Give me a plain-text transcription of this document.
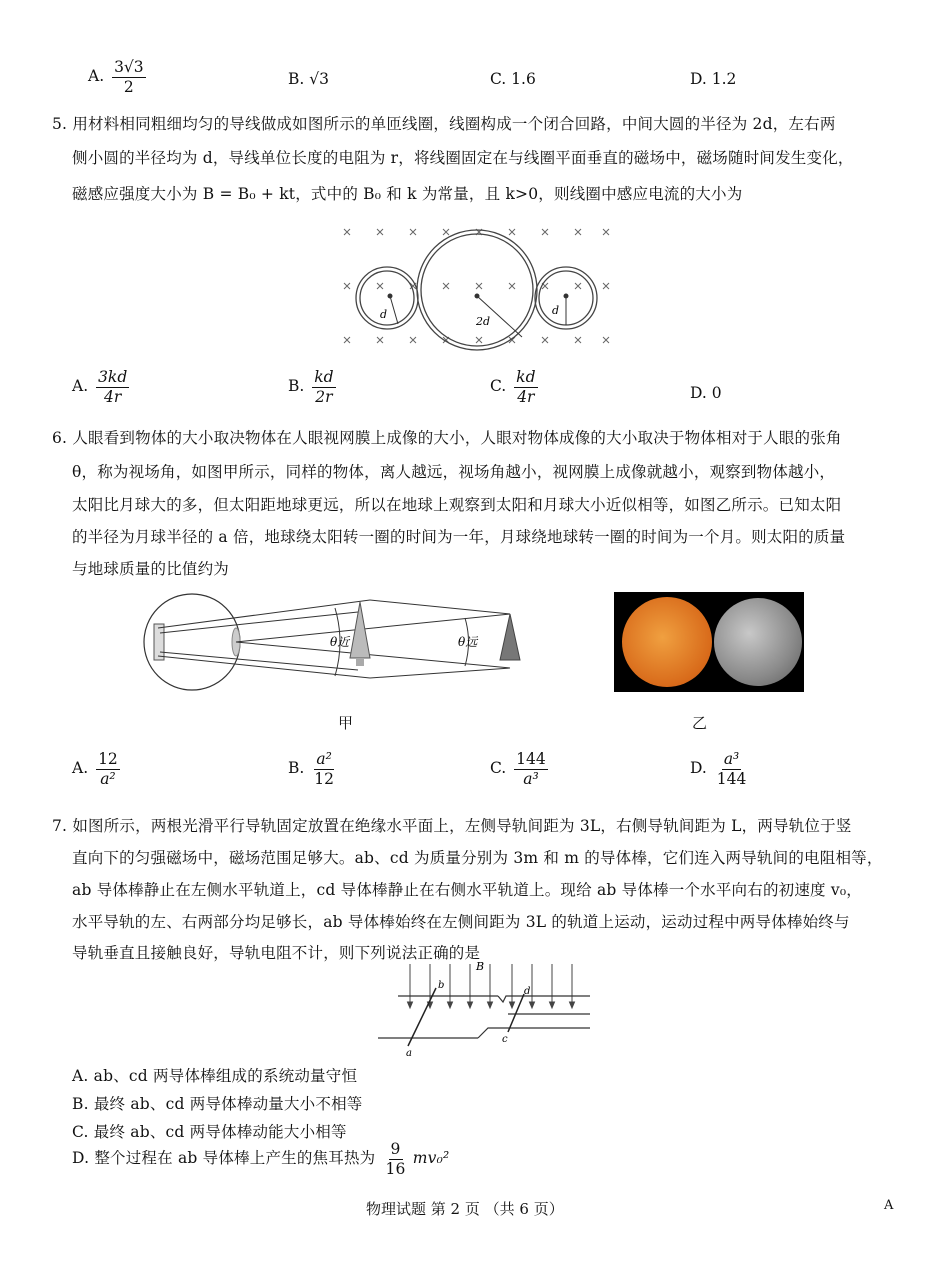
A. $\frac{3√3}{2}$	B. √3	C. 1.6	D. 1.2
5. 用材料相同粗细均匀的导线做成如图所示的单匝线圈，线圈构成一个闭合回路，中间大圆的半径为 2d，左右两
侧小圆的半径均为 d，导线单位长度的电阻为 r，将线圈固定在与线圈平面垂直的磁场中，磁场随时间发生变化，
磁感应强度大小为 B = B₀ + kt，式中的 B₀ 和 k 为常量，且 k>0，则线圈中感应电流的大小为
d
2d
d
A. $\frac{3kd}{4r}$	B. $\frac{kd}{2r}$	C. $\frac{kd}{4r}$	D. 0
6. 人眼看到物体的大小取决物体在人眼视网膜上成像的大小，人眼对物体成像的大小取决于物体相对于人眼的张角
θ，称为视场角，如图甲所示，同样的物体，离人越远，视场角越小，视网膜上成像就越小，观察到物体越小，
太阳比月球大的多，但太阳距地球更远，所以在地球上观察到太阳和月球大小近似相等，如图乙所示。已知太阳
的半径为月球半径的 a 倍，地球绕太阳转一圈的时间为一年，月球绕地球转一圈的时间为一个月。则太阳的质量
与地球质量的比值约为
θ近	θ远
甲	乙
A. $\frac{12}{\text{a²}}$	B. $\frac{\text{a²}}{12}$	C. $\frac{144}{\text{a³}}$	D. $\frac{\text{a³}}{144}$
7. 如图所示，两根光滑平行导轨固定放置在绝缘水平面上，左侧导轨间距为 3L，右侧导轨间距为 L，两导轨位于竖
直向下的匀强磁场中，磁场范围足够大。ab、cd 为质量分别为 3m 和 m 的导体棒，它们连入两导轨间的电阻相等，
ab 导体棒静止在左侧水平轨道上，cd 导体棒静止在右侧水平轨道上。现给 ab 导体棒一个水平向右的初速度 v₀，
水平导轨的左、右两部分均足够长，ab 导体棒始终在左侧间距为 3L 的轨道上运动，运动过程中两导体棒始终与
导轨垂直且接触良好，导轨电阻不计，则下列说法正确的是
B
b
a
d
c
A. ab、cd 两导体棒组成的系统动量守恒
B. 最终 ab、cd 两导体棒动量大小不相等
C. 最终 ab、cd 两导体棒动能大小相等
D. 整个过程在 ab 导体棒上产生的焦耳热为 $\frac{9}{16} mv_0^2$
物理试题 第 2 页 （共 6 页）	A
